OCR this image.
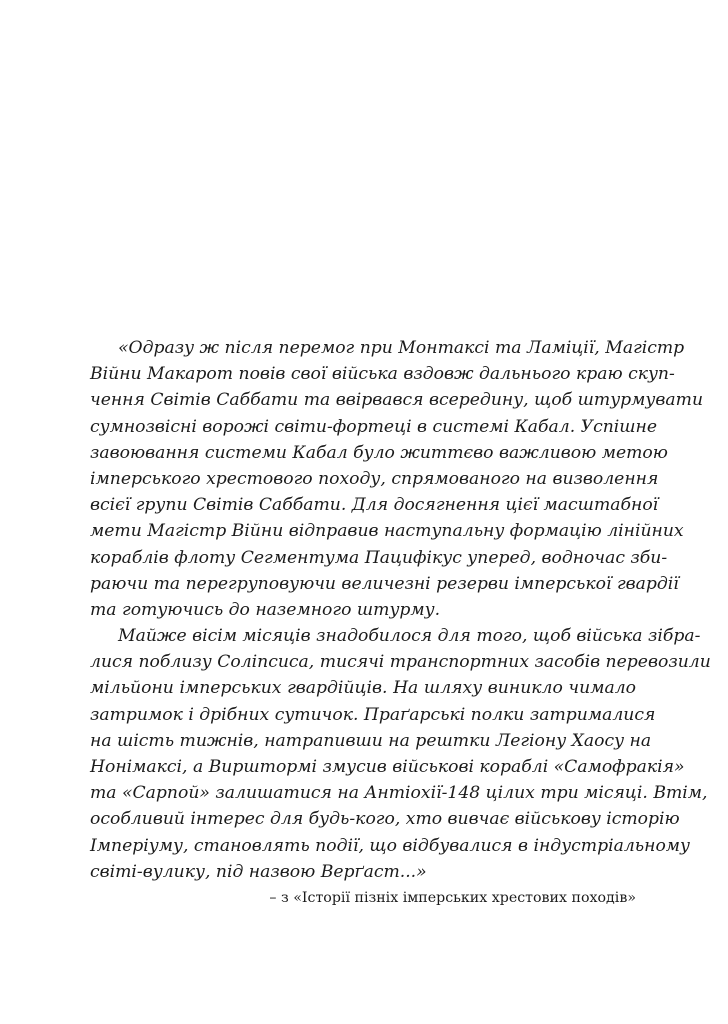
«Одразу ж після перемог при Монтаксі та Ламіції, Магістр
Війни Макарот повів свої війська вздовж дальнього краю скуп-
чення Світів Саббати та ввірвався всередину, щоб штурмувати
сумнозвісні ворожі світи-фортеці в системі Кабал. Успішне
завоювання системи Кабал було життєво важливою метою
імперського хрестового походу, спрямованого на визволення
всієї групи Світів Саббати. Для досягнення цієї масштабної
мети Магістр Війни відправив наступальну формацію лінійних
кораблів флоту Сегментума Пацифікус уперед, водночас зби-
раючи та перегруповуючи величезні резерви імперської гвардії
та готуючись до наземного штурму.
Майже вісім місяців знадобилося для того, щоб війська зібра-
лися поблизу Соліпсиса, тисячі транспортних засобів перевозили
мільйони імперських гвардійців. На шляху виникло чимало
затримок і дрібних сутичок. Праґарські полки затрималися
на шість тижнів, натрапивши на рештки Легіону Хаосу на
Нонімаксі, а Вирштормі змусив військові кораблі «Самофракія»
та «Сарпой» залишатися на Антіохії-148 цілих три місяці. Втім,
особливий інтерес для будь-кого, хто вивчає військову історію
Імперіуму, становлять події, що відбувалися в індустріальному
світі-вулику, під назвою Верґаст...»
– з «Історії пізніх імперських хрестових походів»
